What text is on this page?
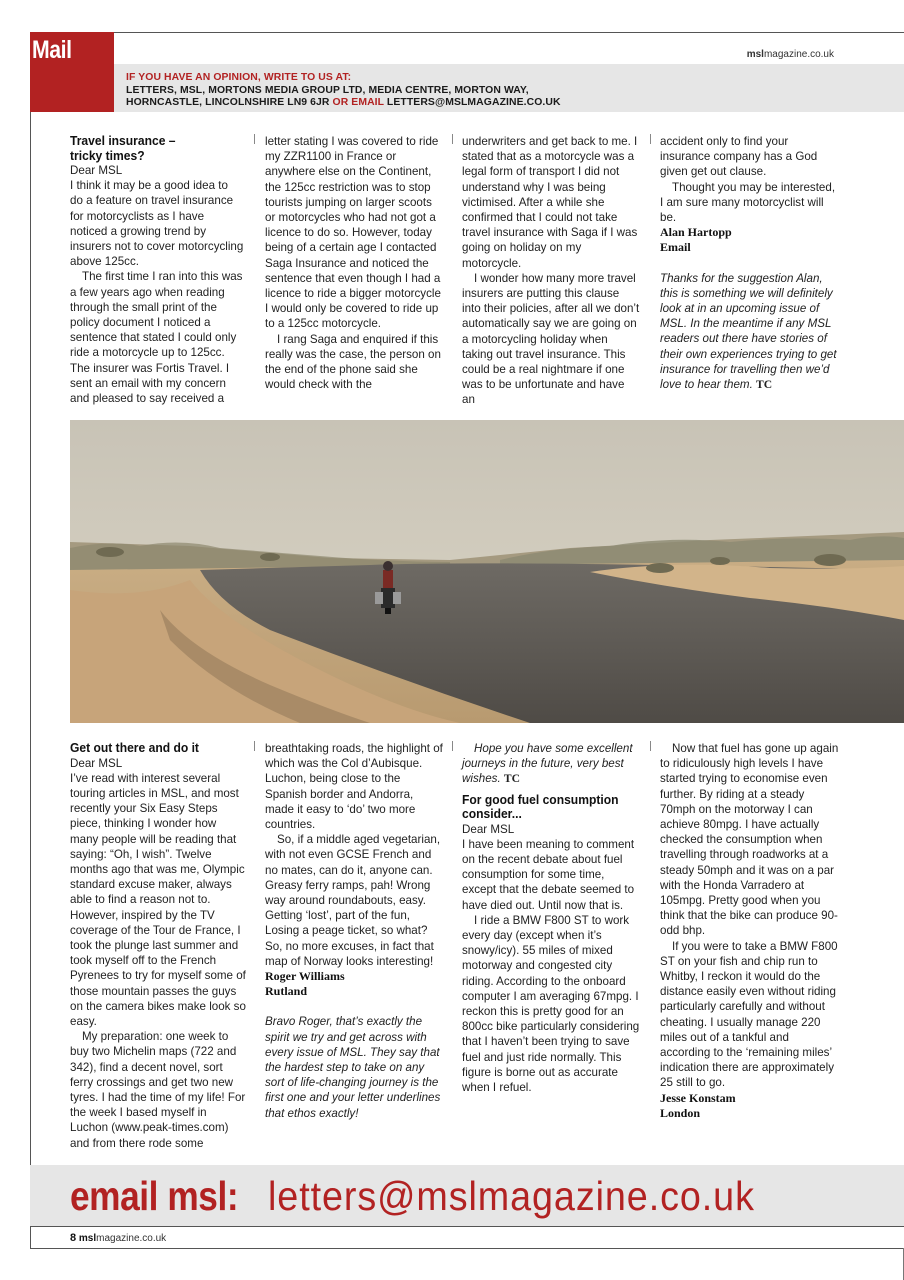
Mail	mslmagazine.co.uk
IF YOU HAVE AN OPINION, WRITE TO US AT:
LETTERS, MSL, MORTONS MEDIA GROUP LTD, MEDIA CENTRE, MORTON WAY,
HORNCASTLE, LINCOLNSHIRE LN9 6JR OR EMAIL LETTERS@MSLMAGAZINE.CO.UK
Travel insurance –
tricky times?

Dear MSL

I think it may be a good idea to do a feature on travel insurance for motorcyclists as I have noticed a growing trend by insurers not to cover motorcycling above 125cc.

The first time I ran into this was a few years ago when reading through the small print of the policy document I noticed a sentence that stated I could only ride a motorcycle up to 125cc. The insurer was Fortis Travel. I sent an email with my concern and pleased to say received a

letter stating I was covered to ride my ZZR1100 in France or anywhere else on the Continent, the 125cc restriction was to stop tourists jumping on larger scoots or motorcycles who had not got a licence to do so. However, today being of a certain age I contacted Saga Insurance and noticed the sentence that even though I had a licence to ride a bigger motorcycle I would only be covered to ride up to a 125cc motorcycle.

I rang Saga and enquired if this really was the case, the person on the end of the phone said she would check with the

underwriters and get back to me. I stated that as a motorcycle was a legal form of transport I did not understand why I was being victimised. After a while she confirmed that I could not take travel insurance with Saga if I was going on holiday on my motorcycle.

I wonder how many more travel insurers are putting this clause into their policies, after all we don’t automatically say we are going on a motorcycling holiday when taking out travel insurance. This could be a real nightmare if one was to be unfortunate and have an

accident only to find your insurance company has a God given get out clause.

Thought you may be interested, I am sure many motorcyclist will be.

Alan Hartopp

Email

Thanks for the suggestion Alan, this is something we will definitely look at in an upcoming issue of MSL. In the meantime if any MSL readers out there have stories of their own experiences trying to get insurance for travelling then we’d love to hear them. TC

Get out there and do it

Dear MSL

I’ve read with interest several touring articles in MSL, and most recently your Six Easy Steps piece, thinking I wonder how many people will be reading that saying: “Oh, I wish”. Twelve months ago that was me, Olympic standard excuse maker, always able to find a reason not to. However, inspired by the TV coverage of the Tour de France, I took the plunge last summer and took myself off to the French Pyrenees to try for myself some of those mountain passes the guys on the camera bikes make look so easy.

My preparation: one week to buy two Michelin maps (722 and 342), find a decent novel, sort ferry crossings and get two new tyres. I had the time of my life! For the week I based myself in Luchon (www.peak-times.com) and from there rode some

breathtaking roads, the highlight of which was the Col d’Aubisque. Luchon, being close to the Spanish border and Andorra, made it easy to ‘do’ two more countries.

So, if a middle aged vegetarian, with not even GCSE French and no mates, can do it, anyone can. Greasy ferry ramps, pah! Wrong way around roundabouts, easy. Getting ‘lost’, part of the fun, Losing a peage ticket, so what? So, no more excuses, in fact that map of Norway looks interesting!

Roger Williams

Rutland

Bravo Roger, that’s exactly the spirit we try and get across with every issue of MSL. They say that the hardest step to take on any sort of life-changing journey is the first one and your letter underlines that ethos exactly!

Hope you have some excellent journeys in the future, very best wishes. TC

For good fuel consumption
consider...

Dear MSL

I have been meaning to comment on the recent debate about fuel consumption for some time, except that the debate seemed to have died out. Until now that is.

I ride a BMW F800 ST to work every day (except when it’s snowy/icy). 55 miles of mixed motorway and congested city riding. According to the onboard computer I am averaging 67mpg. I reckon this is pretty good for an 800cc bike particularly considering that I haven’t been trying to save fuel and just ride normally. This figure is borne out as accurate when I refuel.

Now that fuel has gone up again to ridiculously high levels I have started trying to economise even further. By riding at a steady 70mph on the motorway I can achieve 80mpg. I have actually checked the consumption when travelling through roadworks at a steady 50mph and it was on a par with the Honda Varradero at 105mpg. Pretty good when you think that the bike can produce 90-odd bhp.

If you were to take a BMW F800 ST on your fish and chip run to Whitby, I reckon it would do the distance easily even without riding particularly carefully and without cheating. I usually manage 220 miles out of a tankful and according to the ‘remaining miles’ indication there are approximately 25 still to go.

Jesse Konstam

London

email msl: letters@mslmagazine.co.uk
8 mslmagazine.co.uk
